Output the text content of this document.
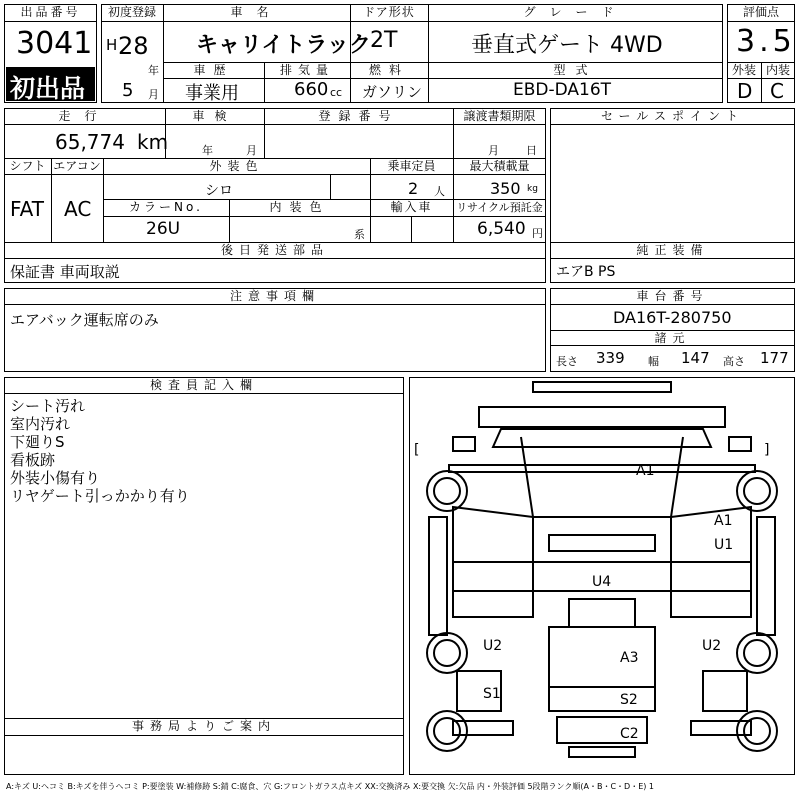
出品番号
3041
初出品
初度登録
H 28
年
5 月
車名
キャリイトラック
ドア形状
2T
グレード
垂直式ゲート 4WD
車歴
事業用
排気量
660 cc
燃料
ガソリン
型式
EBD-DA16T
評価点
3.5
外装 内装
D C
走行
65,774 km
車検
年	月
登録番号	譲渡書類期限
月 日
シフト
FAT
エアコン
AC
外装色
シロ
乗車定員
2 人
最大積載量
350 kg
カラーNo.
26U
内装色
系
輸入車	リサイクル預託金
6,540 円
後日発送部品
保証書 車両取説
セールスポイント
純正装備
エアB PS
注意事項欄
エアバック運転席のみ
車台番号
DA16T-280750
諸元
長さ 339 幅 147 高さ 177
検査員記入欄
シート汚れ
室内汚れ
下廻りS
看板跡
外装小傷有り
リヤゲート引っかかり有り
事務局よりご案内
A1
A1
U1
U4
U2	U2
A3
S1	S2
C2
[	]
A:キズ U:ヘコミ B:キズを伴うヘコミ P:要塗装 W:補修跡 S:錆 C:腐食、穴 G:フロントガラス点キズ XX:交換済み X:要交換 欠:欠品 内・外装評価 5段階ランク順(A・B・C・D・E) 1
